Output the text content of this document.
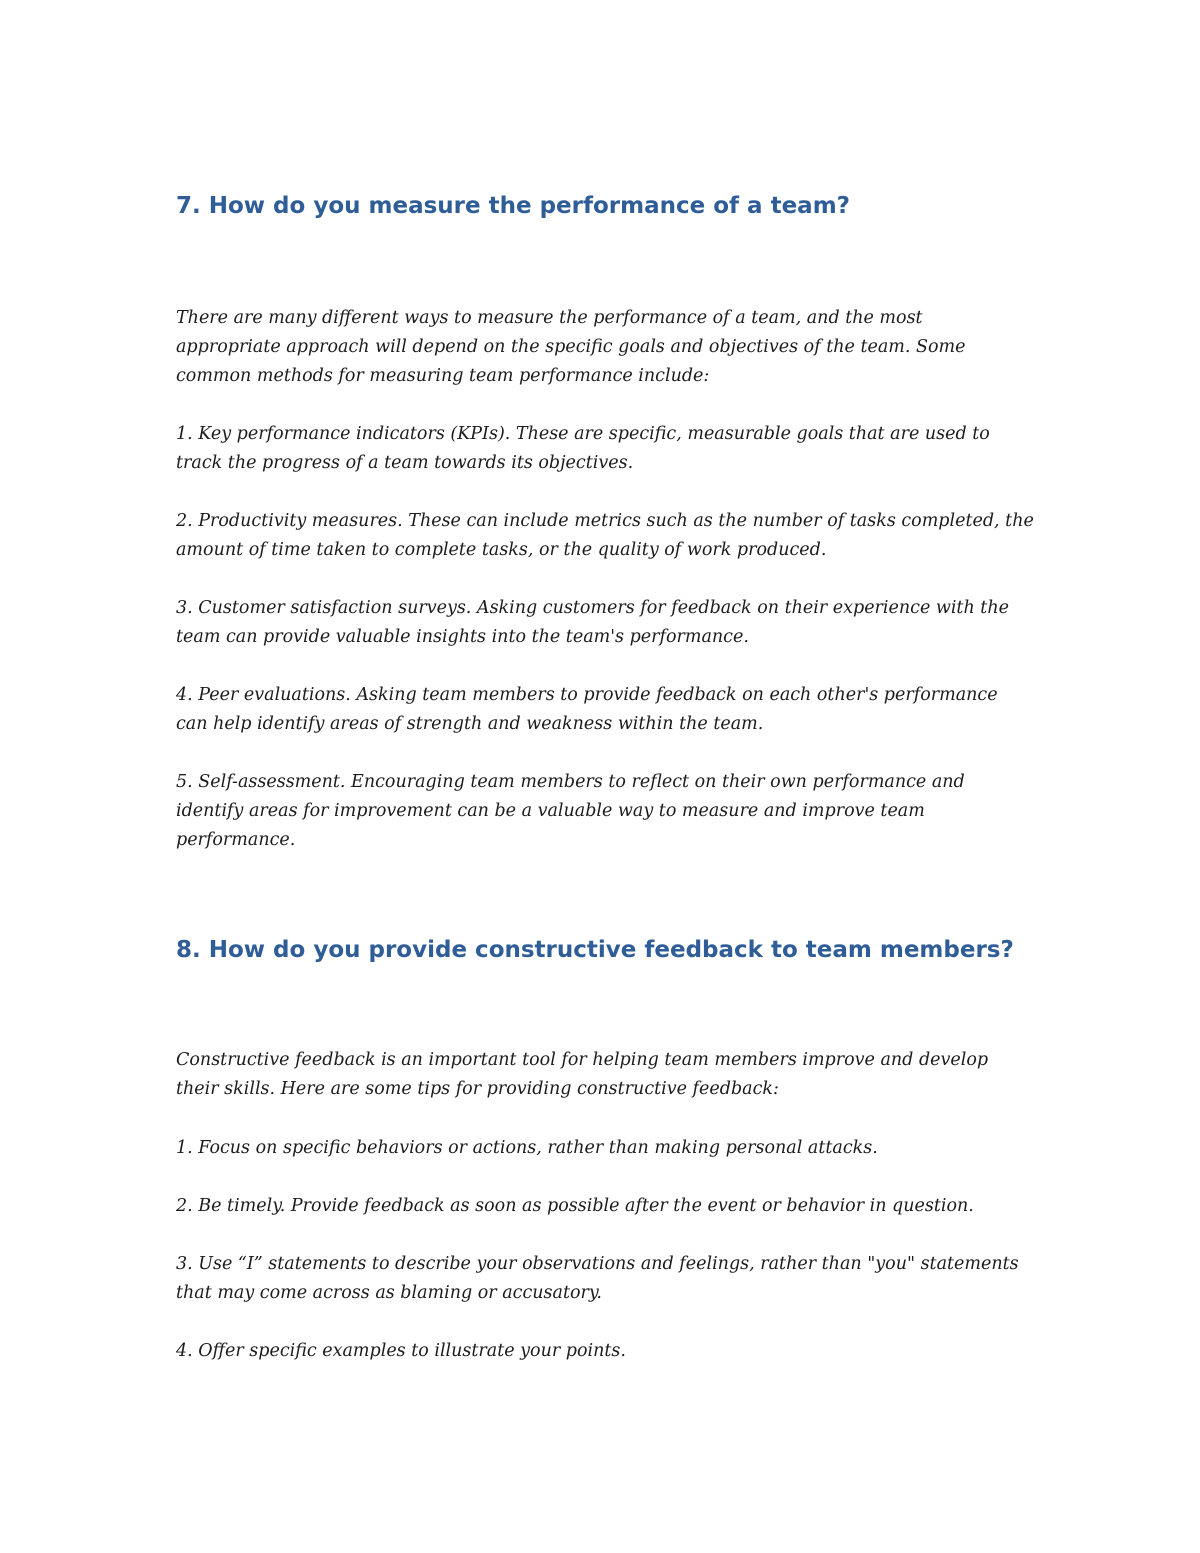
7. How do you measure the performance of a team?

There are many different ways to measure the performance of a team, and the most
appropriate approach will depend on the specific goals and objectives of the team. Some
common methods for measuring team performance include:

1. Key performance indicators (KPIs). These are specific, measurable goals that are used to
track the progress of a team towards its objectives.

2. Productivity measures. These can include metrics such as the number of tasks completed, the
amount of time taken to complete tasks, or the quality of work produced.

3. Customer satisfaction surveys. Asking customers for feedback on their experience with the
team can provide valuable insights into the team's performance.

4. Peer evaluations. Asking team members to provide feedback on each other's performance
can help identify areas of strength and weakness within the team.

5. Self-assessment. Encouraging team members to reflect on their own performance and
identify areas for improvement can be a valuable way to measure and improve team
performance.

8. How do you provide constructive feedback to team members?

Constructive feedback is an important tool for helping team members improve and develop
their skills. Here are some tips for providing constructive feedback:

1. Focus on specific behaviors or actions, rather than making personal attacks.

2. Be timely. Provide feedback as soon as possible after the event or behavior in question.

3. Use “I” statements to describe your observations and feelings, rather than "you" statements
that may come across as blaming or accusatory.

4. Offer specific examples to illustrate your points.
